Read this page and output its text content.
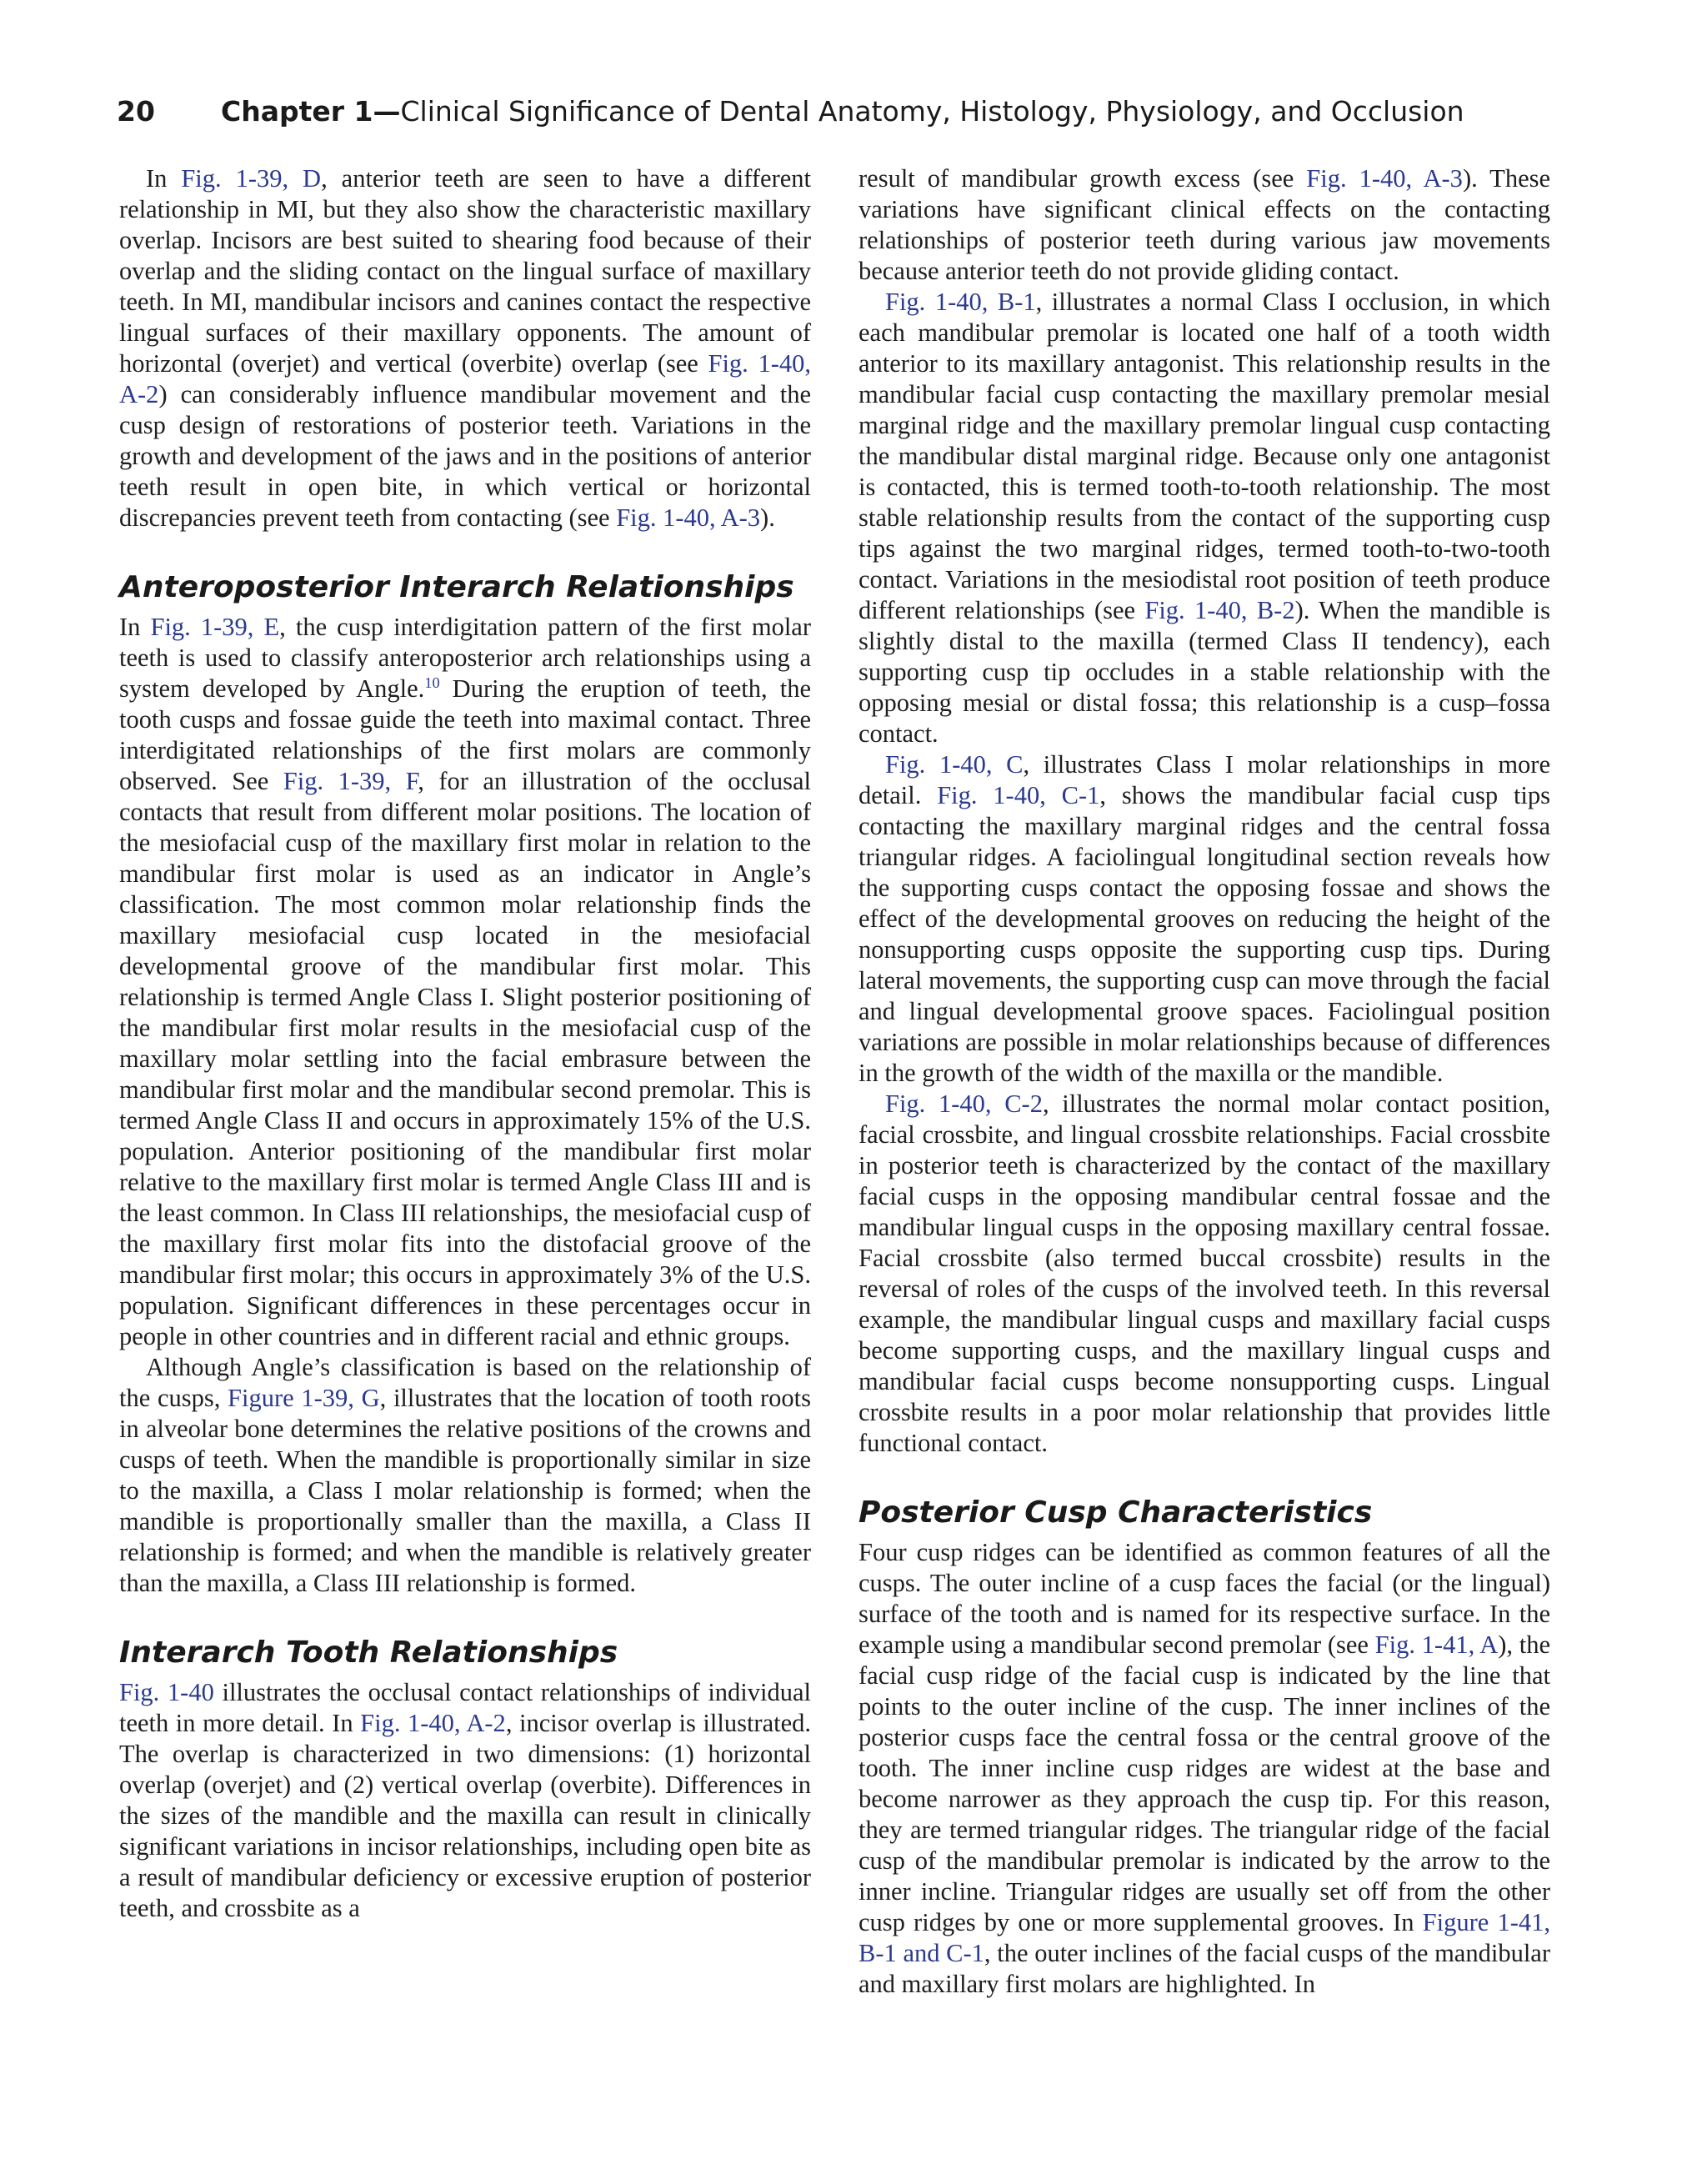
20 Chapter 1—Clinical Significance of Dental Anatomy, Histology, Physiology, and Occlusion

In Fig. 1-39, D, anterior teeth are seen to have a different relationship in MI, but they also show the characteristic maxillary overlap. Incisors are best suited to shearing food because of their overlap and the sliding contact on the lingual surface of maxillary teeth. In MI, mandibular incisors and canines contact the respective lingual surfaces of their maxillary opponents. The amount of horizontal (overjet) and vertical (overbite) overlap (see Fig. 1-40, A-2) can considerably influence mandibular movement and the cusp design of restorations of posterior teeth. Variations in the growth and development of the jaws and in the positions of anterior teeth result in open bite, in which vertical or horizontal discrepancies prevent teeth from contacting (see Fig. 1-40, A-3).

Anteroposterior Interarch Relationships

In Fig. 1-39, E, the cusp interdigitation pattern of the first molar teeth is used to classify anteroposterior arch relationships using a system developed by Angle.$^{10}$ During the eruption of teeth, the tooth cusps and fossae guide the teeth into maximal contact. Three interdigitated relationships of the first molars are commonly observed. See Fig. 1-39, F, for an illustration of the occlusal contacts that result from different molar positions. The location of the mesiofacial cusp of the maxillary first molar in relation to the mandibular first molar is used as an indicator in Angle’s classification. The most common molar relationship finds the maxillary mesiofacial cusp located in the mesiofacial developmental groove of the mandibular first molar. This relationship is termed Angle Class I. Slight posterior positioning of the mandibular first molar results in the mesiofacial cusp of the maxillary molar settling into the facial embrasure between the mandibular first molar and the mandibular second premolar. This is termed Angle Class II and occurs in approximately 15% of the U.S. population. Anterior positioning of the mandibular first molar relative to the maxillary first molar is termed Angle Class III and is the least common. In Class III relationships, the mesiofacial cusp of the maxillary first molar fits into the distofacial groove of the mandibular first molar; this occurs in approximately 3% of the U.S. population. Significant differences in these percentages occur in people in other countries and in different racial and ethnic groups.

Although Angle’s classification is based on the relationship of the cusps, Figure 1-39, G, illustrates that the location of tooth roots in alveolar bone determines the relative positions of the crowns and cusps of teeth. When the mandible is proportionally similar in size to the maxilla, a Class I molar relationship is formed; when the mandible is proportionally smaller than the maxilla, a Class II relationship is formed; and when the mandible is relatively greater than the maxilla, a Class III relationship is formed.

Interarch Tooth Relationships

Fig. 1-40 illustrates the occlusal contact relationships of individual teeth in more detail. In Fig. 1-40, A-2, incisor overlap is illustrated. The overlap is characterized in two dimensions: (1) horizontal overlap (overjet) and (2) vertical overlap (overbite). Differences in the sizes of the mandible and the maxilla can result in clinically significant variations in incisor relationships, including open bite as a result of mandibular deficiency or excessive eruption of posterior teeth, and crossbite as a

result of mandibular growth excess (see Fig. 1-40, A-3). These variations have significant clinical effects on the contacting relationships of posterior teeth during various jaw movements because anterior teeth do not provide gliding contact.

Fig. 1-40, B-1, illustrates a normal Class I occlusion, in which each mandibular premolar is located one half of a tooth width anterior to its maxillary antagonist. This relationship results in the mandibular facial cusp contacting the maxillary premolar mesial marginal ridge and the maxillary premolar lingual cusp contacting the mandibular distal marginal ridge. Because only one antagonist is contacted, this is termed tooth-to-tooth relationship. The most stable relationship results from the contact of the supporting cusp tips against the two marginal ridges, termed tooth-to-two-tooth contact. Variations in the mesiodistal root position of teeth produce different relationships (see Fig. 1-40, B-2). When the mandible is slightly distal to the maxilla (termed Class II tendency), each supporting cusp tip occludes in a stable relationship with the opposing mesial or distal fossa; this relationship is a cusp–fossa contact.

Fig. 1-40, C, illustrates Class I molar relationships in more detail. Fig. 1-40, C-1, shows the mandibular facial cusp tips contacting the maxillary marginal ridges and the central fossa triangular ridges. A faciolingual longitudinal section reveals how the supporting cusps contact the opposing fossae and shows the effect of the developmental grooves on reducing the height of the nonsupporting cusps opposite the supporting cusp tips. During lateral movements, the supporting cusp can move through the facial and lingual developmental groove spaces. Faciolingual position variations are possible in molar relationships because of differences in the growth of the width of the maxilla or the mandible.

Fig. 1-40, C-2, illustrates the normal molar contact position, facial crossbite, and lingual crossbite relationships. Facial crossbite in posterior teeth is characterized by the contact of the maxillary facial cusps in the opposing mandibular central fossae and the mandibular lingual cusps in the opposing maxillary central fossae. Facial crossbite (also termed buccal crossbite) results in the reversal of roles of the cusps of the involved teeth. In this reversal example, the mandibular lingual cusps and maxillary facial cusps become supporting cusps, and the maxillary lingual cusps and mandibular facial cusps become nonsupporting cusps. Lingual crossbite results in a poor molar relationship that provides little functional contact.

Posterior Cusp Characteristics

Four cusp ridges can be identified as common features of all the cusps. The outer incline of a cusp faces the facial (or the lingual) surface of the tooth and is named for its respective surface. In the example using a mandibular second premolar (see Fig. 1-41, A), the facial cusp ridge of the facial cusp is indicated by the line that points to the outer incline of the cusp. The inner inclines of the posterior cusps face the central fossa or the central groove of the tooth. The inner incline cusp ridges are widest at the base and become narrower as they approach the cusp tip. For this reason, they are termed triangular ridges. The triangular ridge of the facial cusp of the mandibular premolar is indicated by the arrow to the inner incline. Triangular ridges are usually set off from the other cusp ridges by one or more supplemental grooves. In Figure 1-41, B-1 and C-1, the outer inclines of the facial cusps of the mandibular and maxillary first molars are highlighted. In
